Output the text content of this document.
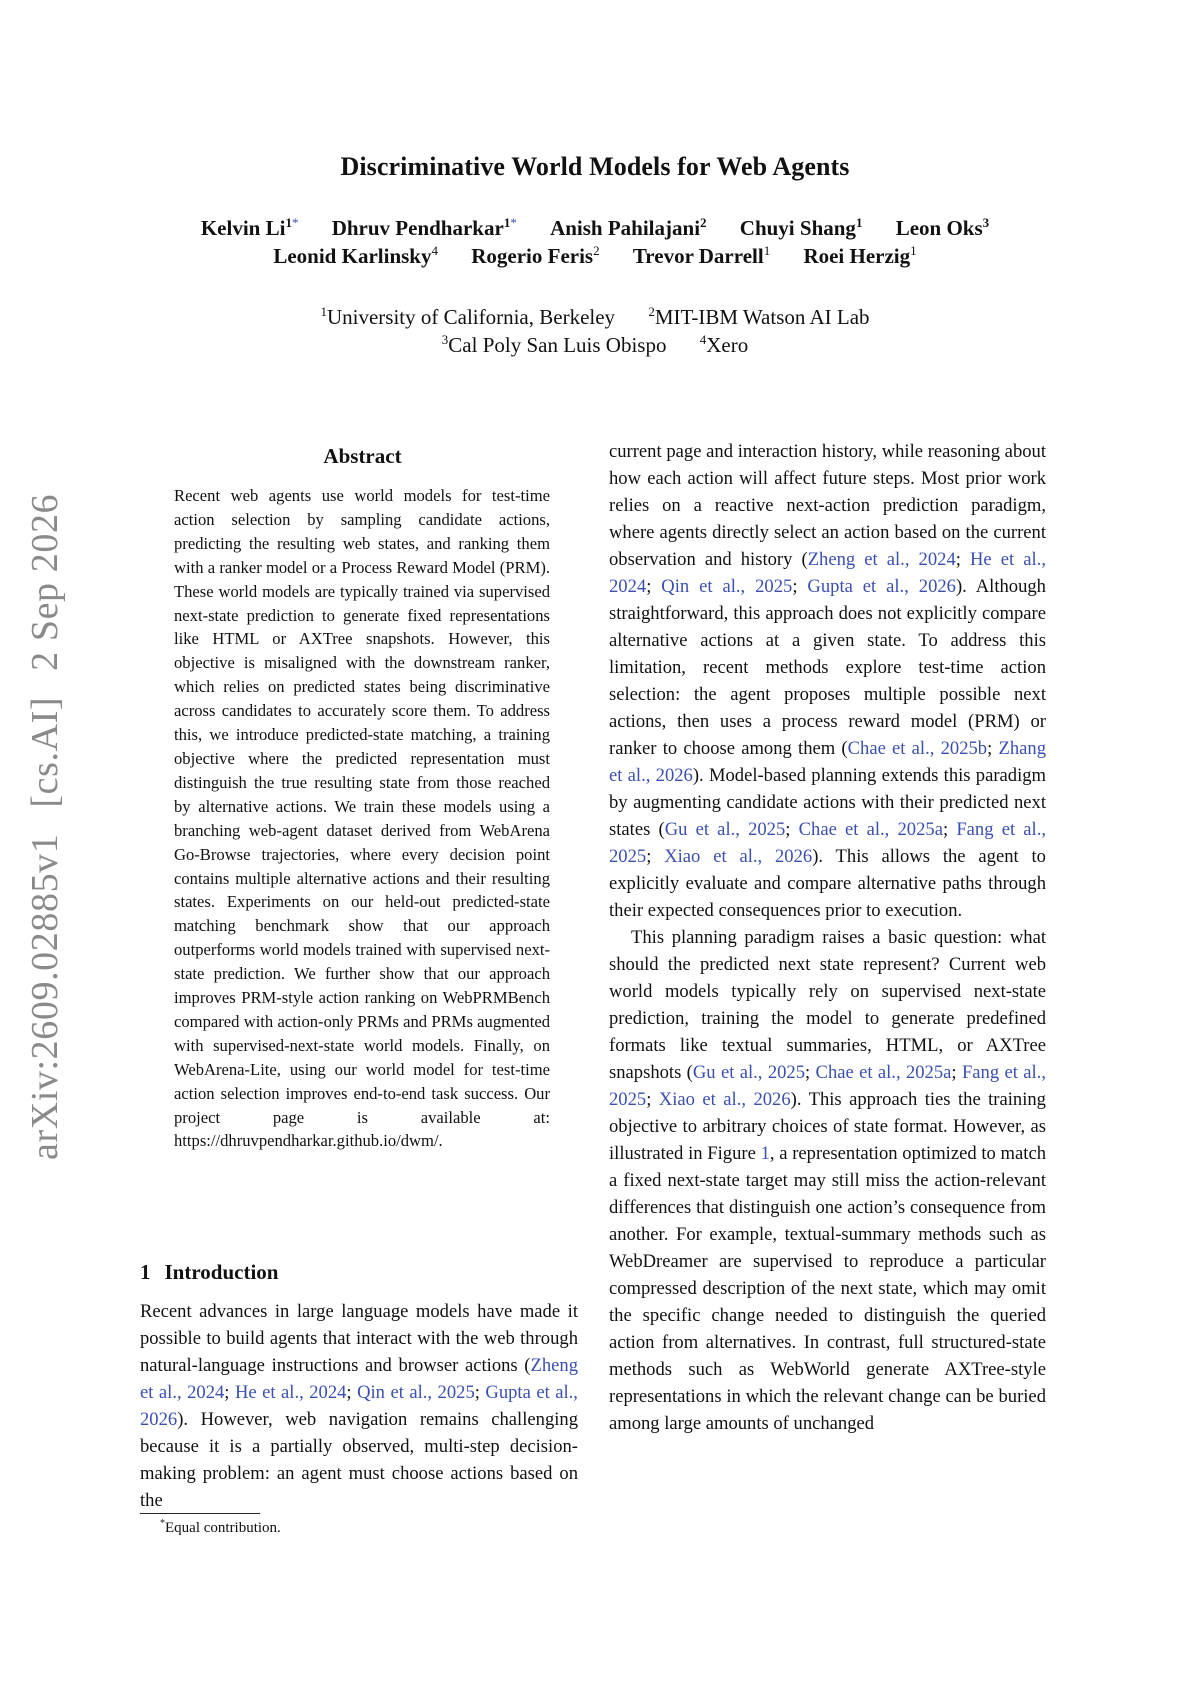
arXiv:2609.02885v1[cs.AI]2 Sep 2026
Discriminative World Models for Web Agents
Kelvin $Li^{1*}$ Dhruv Pendharkar$^{1*}$ Anish Pahilajani$^2$ Chuyi Shang$^1$ Leon Oks$^3$
Leonid Karlinsky$^4$ Rogerio Feris$^2$ Trevor Darrell$^1$ Roei Herzig$^1$
$^1$University of California, Berkeley	$^2$MIT-IBM Watson AI Lab
$^3$Cal Poly San Luis Obispo	$^4$Xero
Abstract
Recent web agents use world models for test-time action selection by sampling candidate actions, predicting the resulting web states, and ranking them with a ranker model or a Process Reward Model (PRM). These world models are typically trained via supervised next-state prediction to generate fixed representations like HTML or AXTree snapshots. However, this objective is misaligned with the downstream ranker, which relies on predicted states being discriminative across candidates to accurately score them. To address this, we introduce predicted-state matching, a training objective where the predicted representation must distinguish the true resulting state from those reached by alternative actions. We train these models using a branching web-agent dataset derived from WebArena Go-Browse trajectories, where every decision point contains multiple alternative actions and their resulting states. Experiments on our held-out predicted-state matching benchmark show that our approach outperforms world models trained with supervised next-state prediction. We further show that our approach improves PRM-style action ranking on WebPRMBench compared with action-only PRMs and PRMs augmented with supervised-next-state world models. Finally, on WebArena-Lite, using our world model for test-time action selection improves end-to-end task success. Our project page is available at: https://dhruvpendharkar.github.io/dwm/.
1 Introduction

Recent advances in large language models have made it possible to build agents that interact with the web through natural-language instructions and browser actions (Zheng et al., 2024; He et al., 2024; Qin et al., 2025; Gupta et al., 2026). However, web navigation remains challenging because it is a partially observed, multi-step decision-making problem: an agent must choose actions based on the

current page and interaction history, while reasoning about how each action will affect future steps. Most prior work relies on a reactive next-action prediction paradigm, where agents directly select an action based on the current observation and history (Zheng et al., 2024; He et al., 2024; Qin et al., 2025; Gupta et al., 2026). Although straightforward, this approach does not explicitly compare alternative actions at a given state. To address this limitation, recent methods explore test-time action selection: the agent proposes multiple possible next actions, then uses a process reward model (PRM) or ranker to choose among them (Chae et al., 2025b; Zhang et al., 2026). Model-based planning extends this paradigm by augmenting candidate actions with their predicted next states (Gu et al., 2025; Chae et al., 2025a; Fang et al., 2025; Xiao et al., 2026). This allows the agent to explicitly evaluate and compare alternative paths through their expected consequences prior to execution.

This planning paradigm raises a basic question: what should the predicted next state represent? Current web world models typically rely on supervised next-state prediction, training the model to generate predefined formats like textual summaries, HTML, or AXTree snapshots (Gu et al., 2025; Chae et al., 2025a; Fang et al., 2025; Xiao et al., 2026). This approach ties the training objective to arbitrary choices of state format. However, as illustrated in Figure 1, a representation optimized to match a fixed next-state target may still miss the action-relevant differences that distinguish one action’s consequence from another. For example, textual-summary methods such as WebDreamer are supervised to reproduce a particular compressed description of the next state, which may omit the specific change needed to distinguish the queried action from alternatives. In contrast, full structured-state methods such as WebWorld generate AXTree-style representations in which the relevant change can be buried among large amounts of unchanged

*Equal contribution.
